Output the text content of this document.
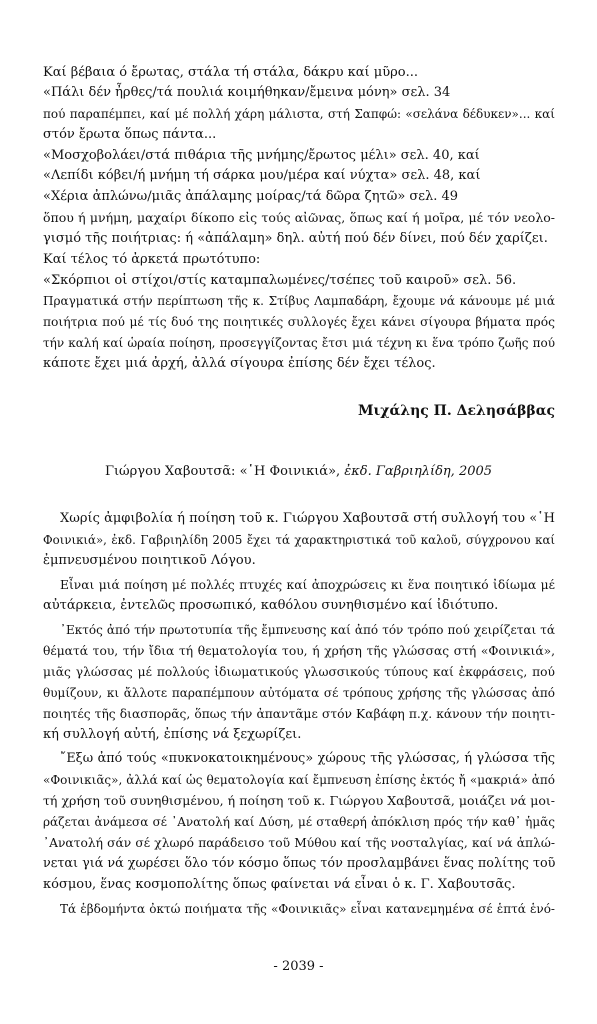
Καί βέβαια ό ἔρωτας, στάλα τή στάλα, δάκρυ καί μῦρο...
«Πάλι δέν ἦρθες/τά πουλιά κοιμήθηκαν/ἔμεινα μόνη» σελ. 34
πού παραπέμπει, καί μέ πολλή χάρη μάλιστα, στή Σαπφώ: «σελάνα δέδυκεν»... καί
στόν ἔρωτα ὅπως πάντα...
«Μοσχοβολάει/στά πιθάρια τῆς μνήμης/ἔρωτος μέλι» σελ. 40, καί
«Λεπίδι κόβει/ή μνήμη τή σάρκα μου/μέρα καί νύχτα» σελ. 48, καί
«Χέρια ἀπλώνω/μιᾶς ἀπάλαμης μοίρας/τά δῶρα ζητῶ» σελ. 49
ὅπου ή μνήμη, μαχαίρι δίκοπο εἰς τούς αἰῶνας, ὅπως καί ή μοῖρα, μέ τόν νεολο-
γισμό τῆς ποιήτριας: ή «ἀπάλαμη» δηλ. αὐτή πού δέν δίνει, πού δέν χαρίζει.
Καί τέλος τό ἀρκετά πρωτότυπο:
«Σκόρπιοι οἱ στίχοι/στίς καταμπαλωμένες/τσέπες τοῦ καιροῦ» σελ. 56.
Πραγματικά στήν περίπτωση τῆς κ. Στίβυς Λαμπαδάρη, ἔχουμε νά κάνουμε μέ μιά
ποιήτρια πού μέ τίς δυό της ποιητικές συλλογές ἔχει κάνει σίγουρα βήματα πρός
τήν καλή καί ὡραία ποίηση, προσεγγίζοντας ἔτσι μιά τέχνη κι ἕνα τρόπο ζωῆς πού
κάποτε ἔχει μιά ἀρχή, ἀλλά σίγουρα ἐπίσης δέν ἔχει τέλος.
Μιχάλης Π. Δελησάββας
Γιώργου Χαβουτσᾶ: «῾Η Φοινικιά», ἐκδ. Γαβριηλίδη, 2005
Χωρίς ἀμφιβολία ή ποίηση τοῦ κ. Γιώργου Χαβουτσᾶ στή συλλογή του «῾Η
Φοινικιά», ἐκδ. Γαβριηλίδη 2005 ἔχει τά χαρακτηριστικά τοῦ καλοῦ, σύγχρονου καί
ἐμπνευσμένου ποιητικοῦ Λόγου.
Εἶναι μιά ποίηση μέ πολλές πτυχές καί ἀποχρώσεις κι ἕνα ποιητικό ἰδίωμα μέ
αὐτάρκεια, ἐντελῶς προσωπικό, καθόλου συνηθισμένο καί ἰδιότυπο.
᾿Εκτός ἀπό τήν πρωτοτυπία τῆς ἔμπνευσης καί ἀπό τόν τρόπο πού χειρίζεται τά
θέματά του, τήν ἴδια τή θεματολογία του, ή χρήση τῆς γλώσσας στή «Φοινικιά»,
μιᾶς γλώσσας μέ πολλούς ἰδιωματικούς γλωσσικούς τύπους καί ἐκφράσεις, πού
θυμίζουν, κι ἄλλοτε παραπέμπουν αὐτόματα σέ τρόπους χρήσης τῆς γλώσσας ἀπό
ποιητές τῆς διασπορᾶς, ὅπως τήν ἀπαντᾶμε στόν Καβάφη π.χ. κάνουν τήν ποιητι-
κή συλλογή αὐτή, ἐπίσης νά ξεχωρίζει.
῎Εξω ἀπό τούς «πυκνοκατοικημένους» χώρους τῆς γλώσσας, ή γλώσσα τῆς
«Φοινικιᾶς», ἀλλά καί ὡς θεματολογία καί ἔμπνευση ἐπίσης ἐκτός ἤ «μακριά» ἀπό
τή χρήση τοῦ συνηθισμένου, ή ποίηση τοῦ κ. Γιώργου Χαβουτσᾶ, μοιάζει νά μοι-
ράζεται ἀνάμεσα σέ ᾿Ανατολή καί Δύση, μέ σταθερή ἀπόκλιση πρός τήν καθ᾿ ἡμᾶς
᾿Ανατολή σάν σέ χλωρό παράδεισο τοῦ Μύθου καί τῆς νοσταλγίας, καί νά ἁπλώ-
νεται γιά νά χωρέσει ὅλο τόν κόσμο ὅπως τόν προσλαμβάνει ἕνας πολίτης τοῦ
κόσμου, ἕνας κοσμοπολίτης ὅπως φαίνεται νά εἶναι ὁ κ. Γ. Χαβουτσᾶς.
Τά ἑβδομήντα ὀκτώ ποιήματα τῆς «Φοινικιᾶς» εἶναι κατανεμημένα σέ ἑπτά ἑνό-
- 2039 -
